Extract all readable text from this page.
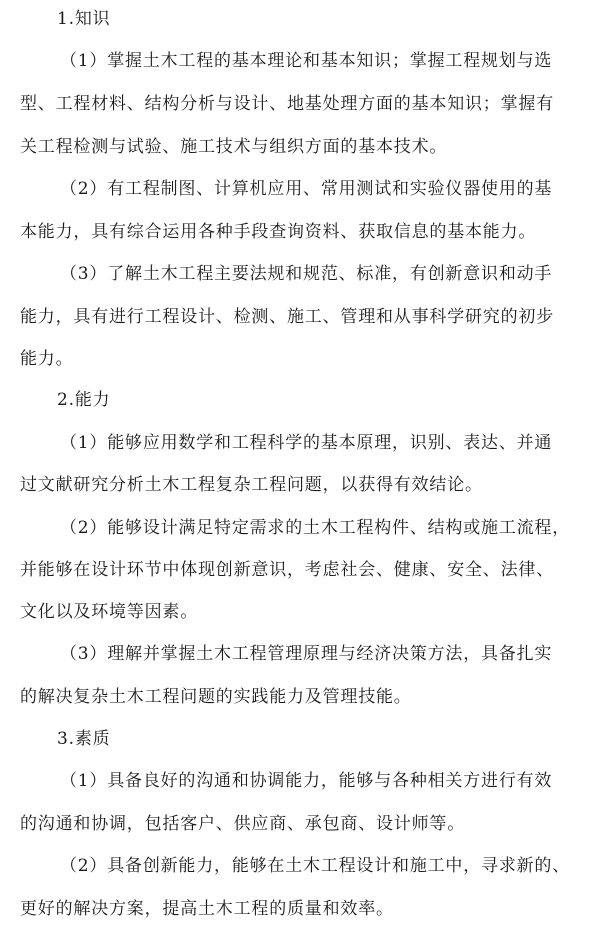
1.知识
（1）掌握土木工程的基本理论和基本知识；掌握工程规划与选
型、工程材料、结构分析与设计、地基处理方面的基本知识；掌握有
关工程检测与试验、施工技术与组织方面的基本技术。
（2）有工程制图、计算机应用、常用测试和实验仪器使用的基
本能力，具有综合运用各种手段查询资料、获取信息的基本能力。
（3）了解土木工程主要法规和规范、标准，有创新意识和动手
能力，具有进行工程设计、检测、施工、管理和从事科学研究的初步
能力。
2.能力
（1）能够应用数学和工程科学的基本原理，识别、表达、并通
过文献研究分析土木工程复杂工程问题，以获得有效结论。
（2）能够设计满足特定需求的土木工程构件、结构或施工流程，
并能够在设计环节中体现创新意识，考虑社会、健康、安全、法律、
文化以及环境等因素。
（3）理解并掌握土木工程管理原理与经济决策方法，具备扎实
的解决复杂土木工程问题的实践能力及管理技能。
3.素质
（1）具备良好的沟通和协调能力，能够与各种相关方进行有效
的沟通和协调，包括客户、供应商、承包商、设计师等。
（2）具备创新能力，能够在土木工程设计和施工中，寻求新的、
更好的解决方案，提高土木工程的质量和效率。
